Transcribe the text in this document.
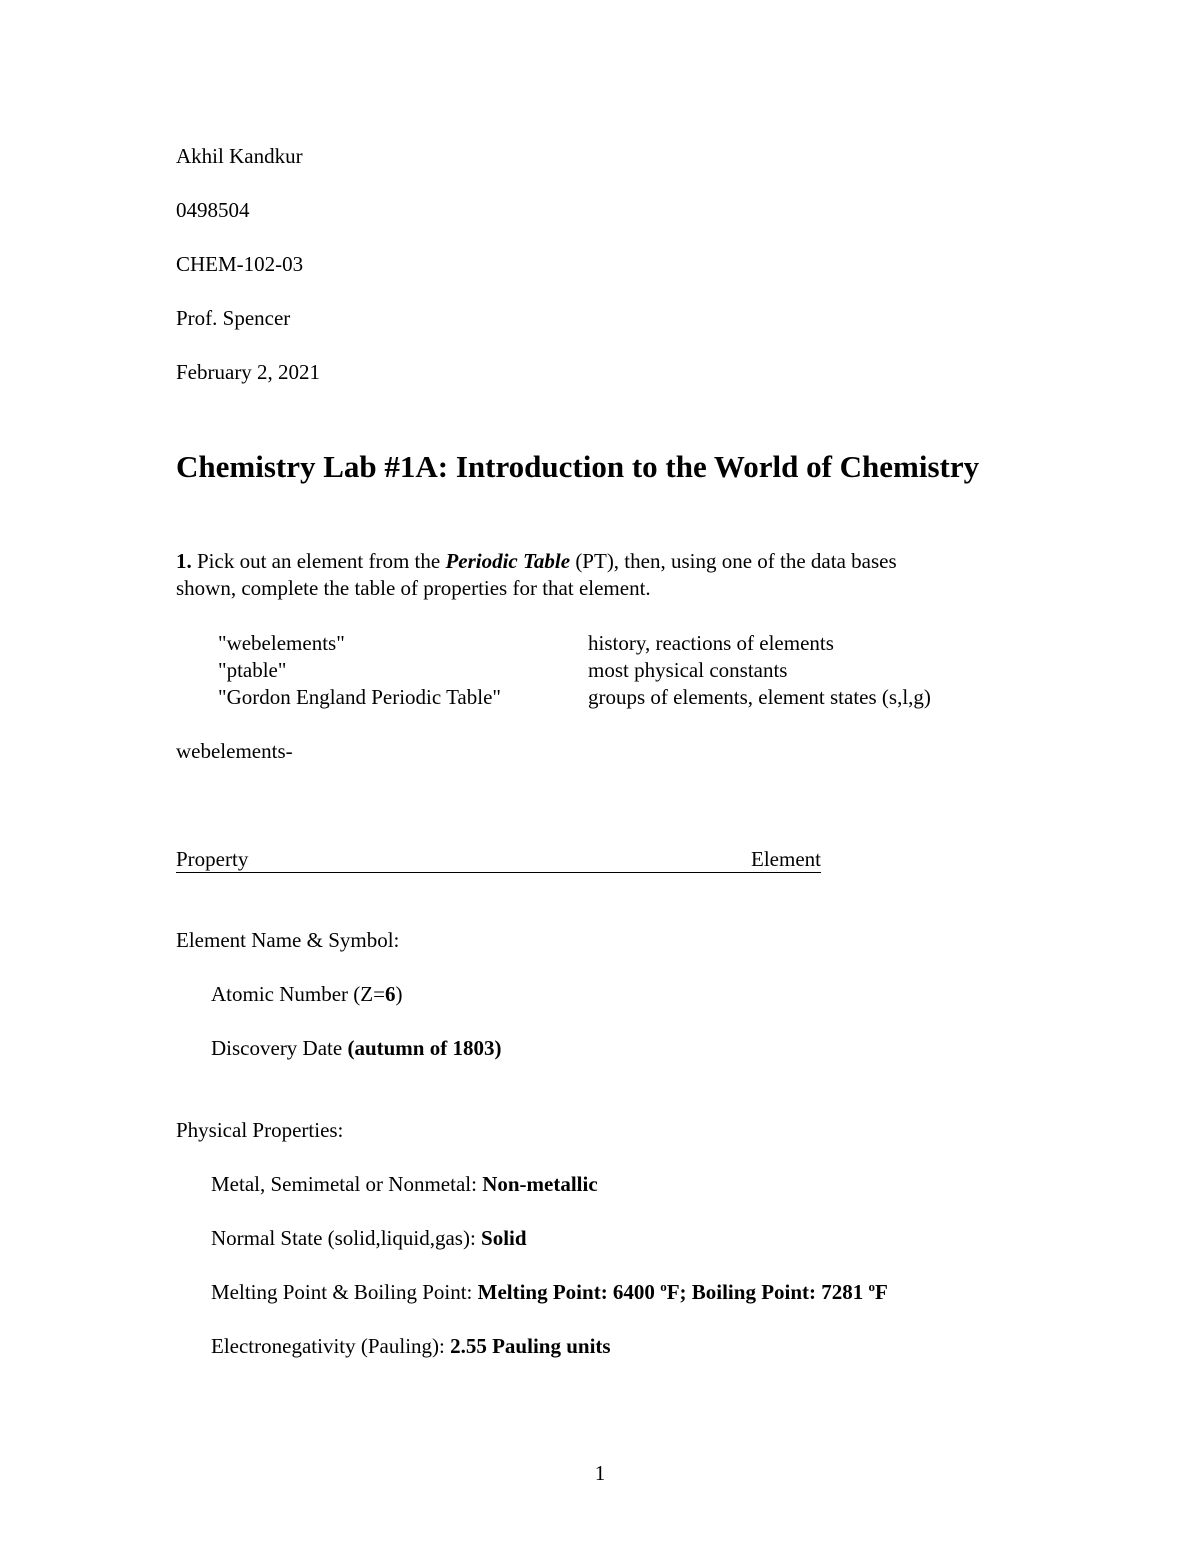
Akhil Kandkur
0498504
CHEM-102-03
Prof. Spencer
February 2, 2021
Chemistry Lab #1A: Introduction to the World of Chemistry
1. Pick out an element from the Periodic Table (PT), then, using one of the data bases
shown, complete the table of properties for that element.
"webelements"	history, reactions of elements
"ptable"	most physical constants
"Gordon England Periodic Table"	groups of elements, element states (s,l,g)
webelements-
Property	Element
Element Name & Symbol:
Atomic Number (Z=6)
Discovery Date (autumn of 1803)
Physical Properties:
Metal, Semimetal or Nonmetal: Non-metallic
Normal State (solid,liquid,gas): Solid
Melting Point & Boiling Point: Melting Point: 6400 $^o$F; Boiling Point: 7281 $^o$F
Electronegativity (Pauling): 2.55 Pauling units
1
